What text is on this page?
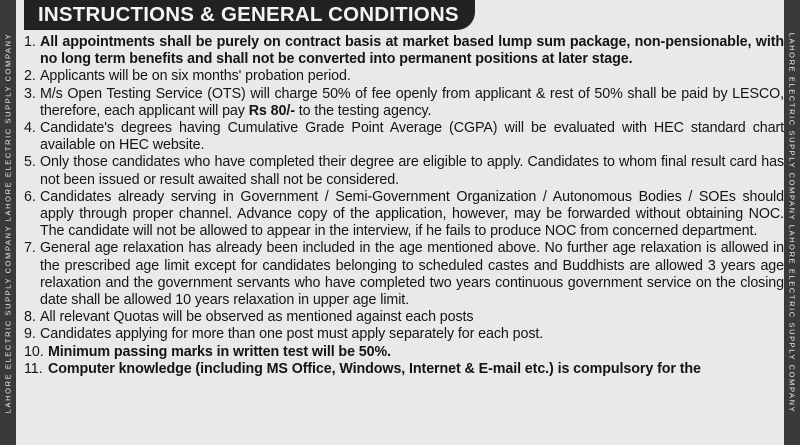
LAHORE ELECTRIC SUPPLY COMPANY LAHORE ELECTRIC SUPPLY COMPANY	LAHORE ELECTRIC SUPPLY COMPANY LAHORE ELECTRIC SUPPLY COMPANY
INSTRUCTIONS & GENERAL CONDITIONS
1. All appointments shall be purely on contract basis at market based lump sum package, non-pensionable, with no long term benefits and shall not be converted into permanent positions at later stage.
2. Applicants will be on six months' probation period.
3. M/s Open Testing Service (OTS) will charge 50% of fee openly from applicant & rest of 50% shall be paid by LESCO, therefore, each applicant will pay Rs 80/- to the testing agency.
4. Candidate's degrees having Cumulative Grade Point Average (CGPA) will be evaluated with HEC standard chart available on HEC website.
5. Only those candidates who have completed their degree are eligible to apply. Candidates to whom final result card has not been issued or result awaited shall not be considered.
6. Candidates already serving in Government / Semi-Government Organization / Autonomous Bodies / SOEs should apply through proper channel. Advance copy of the application, however, may be forwarded without obtaining NOC. The candidate will not be allowed to appear in the interview, if he fails to produce NOC from concerned department.
7. General age relaxation has already been included in the age mentioned above. No further age relaxation is allowed in the prescribed age limit except for candidates belonging to scheduled castes and Buddhists are allowed 3 years age relaxation and the government servants who have completed two years continuous government service on the closing date shall be allowed 10 years relaxation in upper age limit.
8. All relevant Quotas will be observed as mentioned against each posts
9. Candidates applying for more than one post must apply separately for each post.
10. Minimum passing marks in written test will be 50%.
11. Computer knowledge (including MS Office, Windows, Internet & E-mail etc.) is compulsory for the
